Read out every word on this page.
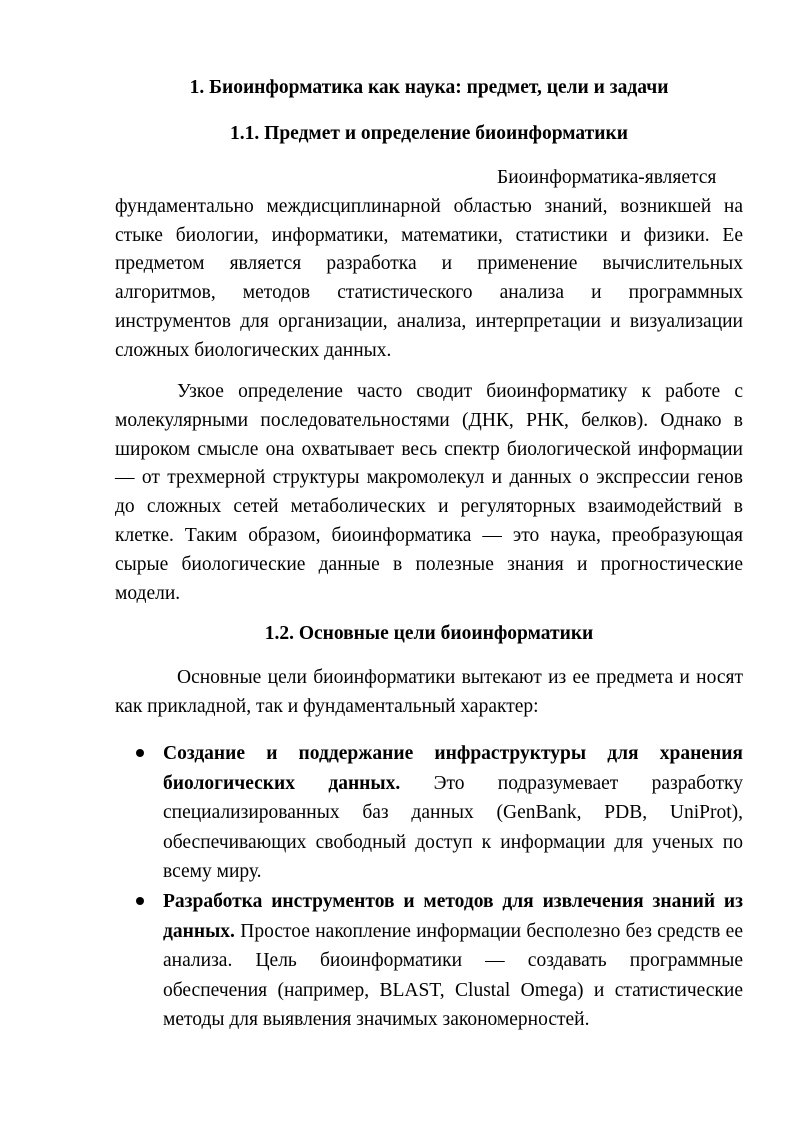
1. Биоинформатика как наука: предмет, цели и задачи

1.1. Предмет и определение биоинформатики

Биоинформатика-является фундаментально междисциплинарной областью знаний, возникшей на стыке биологии, информатики, математики, статистики и физики. Ее предметом является разработка и применение вычислительных алгоритмов, методов статистического анализа и программных инструментов для организации, анализа, интерпретации и визуализации сложных биологических данных.

Узкое определение часто сводит биоинформатику к работе с молекулярными последовательностями (ДНК, РНК, белков). Однако в широком смысле она охватывает весь спектр биологической информации — от трехмерной структуры макромолекул и данных о экспрессии генов до сложных сетей метаболических и регуляторных взаимодействий в клетке. Таким образом, биоинформатика — это наука, преобразующая сырые биологические данные в полезные знания и прогностические модели.

1.2. Основные цели биоинформатики

Основные цели биоинформатики вытекают из ее предмета и носят как прикладной, так и фундаментальный характер:

Создание и поддержание инфраструктуры для хранения биологических данных. Это подразумевает разработку специализированных баз данных (GenBank, PDB, UniProt), обеспечивающих свободный доступ к информации для ученых по всему миру.
Разработка инструментов и методов для извлечения знаний из данных. Простое накопление информации бесполезно без средств ее анализа. Цель биоинформатики — создавать программные обеспечения (например, BLAST, Clustal Omega) и статистические методы для выявления значимых закономерностей.
